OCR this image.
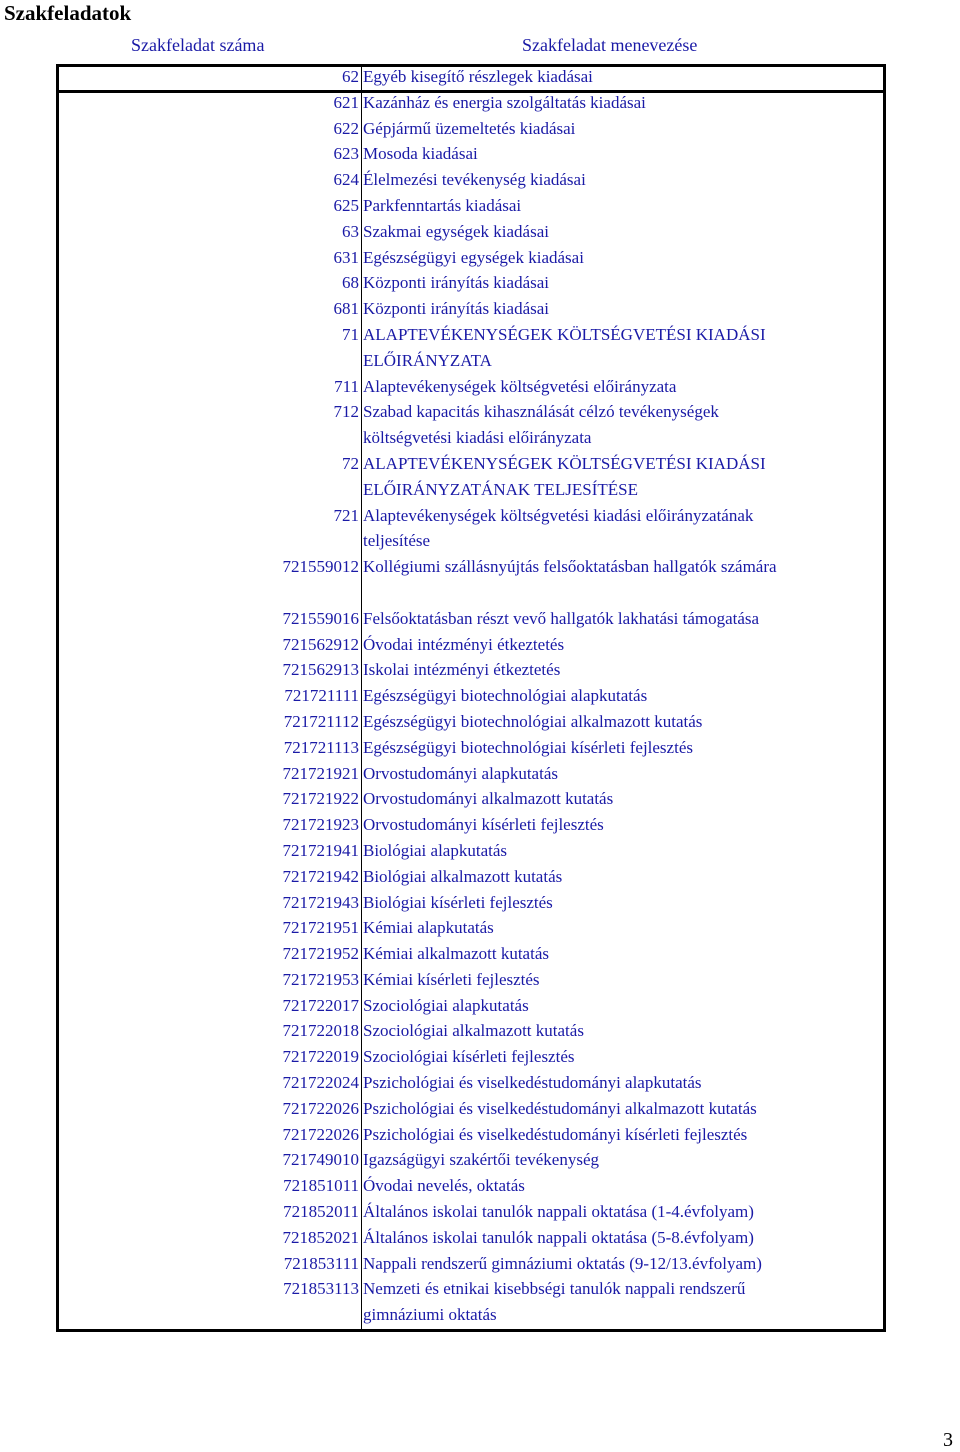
Szakfeladatok
Szakfeladat száma	Szakfeladat menevezése
62 Egyéb kisegítő részlegek kiadásai
621 Kazánház és energia szolgáltatás kiadásai
622 Gépjármű üzemeltetés kiadásai
623 Mosoda kiadásai
624 Élelmezési tevékenység kiadásai
625 Parkfenntartás kiadásai
63 Szakmai egységek kiadásai
631 Egészségügyi egységek kiadásai
68 Központi irányítás kiadásai
681 Központi irányítás kiadásai
71 ALAPTEVÉKENYSÉGEK KÖLTSÉGVETÉSI KIADÁSI

ELŐIRÁNYZATA
711 Alaptevékenységek költségvetési előirányzata
712 Szabad kapacitás kihasználását célzó tevékenységek

költségvetési kiadási előirányzata
72 ALAPTEVÉKENYSÉGEK KÖLTSÉGVETÉSI KIADÁSI

ELŐIRÁNYZATÁNAK TELJESÍTÉSE
721 Alaptevékenységek költségvetési kiadási előirányzatának

teljesítése
721559012 Kollégiumi szállásnyújtás felsőoktatásban hallgatók számára

721559016 Felsőoktatásban részt vevő hallgatók lakhatási támogatása
721562912 Óvodai intézményi étkeztetés
721562913 Iskolai intézményi étkeztetés
721721111 Egészségügyi biotechnológiai alapkutatás
721721112 Egészségügyi biotechnológiai alkalmazott kutatás
721721113 Egészségügyi biotechnológiai kísérleti fejlesztés
721721921 Orvostudományi alapkutatás
721721922 Orvostudományi alkalmazott kutatás
721721923 Orvostudományi kísérleti fejlesztés
721721941 Biológiai alapkutatás
721721942 Biológiai alkalmazott kutatás
721721943 Biológiai kísérleti fejlesztés
721721951 Kémiai alapkutatás
721721952 Kémiai alkalmazott kutatás
721721953 Kémiai kísérleti fejlesztés
721722017 Szociológiai alapkutatás
721722018 Szociológiai alkalmazott kutatás
721722019 Szociológiai kísérleti fejlesztés
721722024 Pszichológiai és viselkedéstudományi alapkutatás
721722026 Pszichológiai és viselkedéstudományi alkalmazott kutatás
721722026 Pszichológiai és viselkedéstudományi kísérleti fejlesztés
721749010 Igazságügyi szakértői tevékenység
721851011 Óvodai nevelés, oktatás
721852011 Általános iskolai tanulók nappali oktatása (1-4.évfolyam)
721852021 Általános iskolai tanulók nappali oktatása (5-8.évfolyam)
721853111 Nappali rendszerű gimnáziumi oktatás (9-12/13.évfolyam)
721853113 Nemzeti és etnikai kisebbségi tanulók nappali rendszerű

gimnáziumi oktatás
3
